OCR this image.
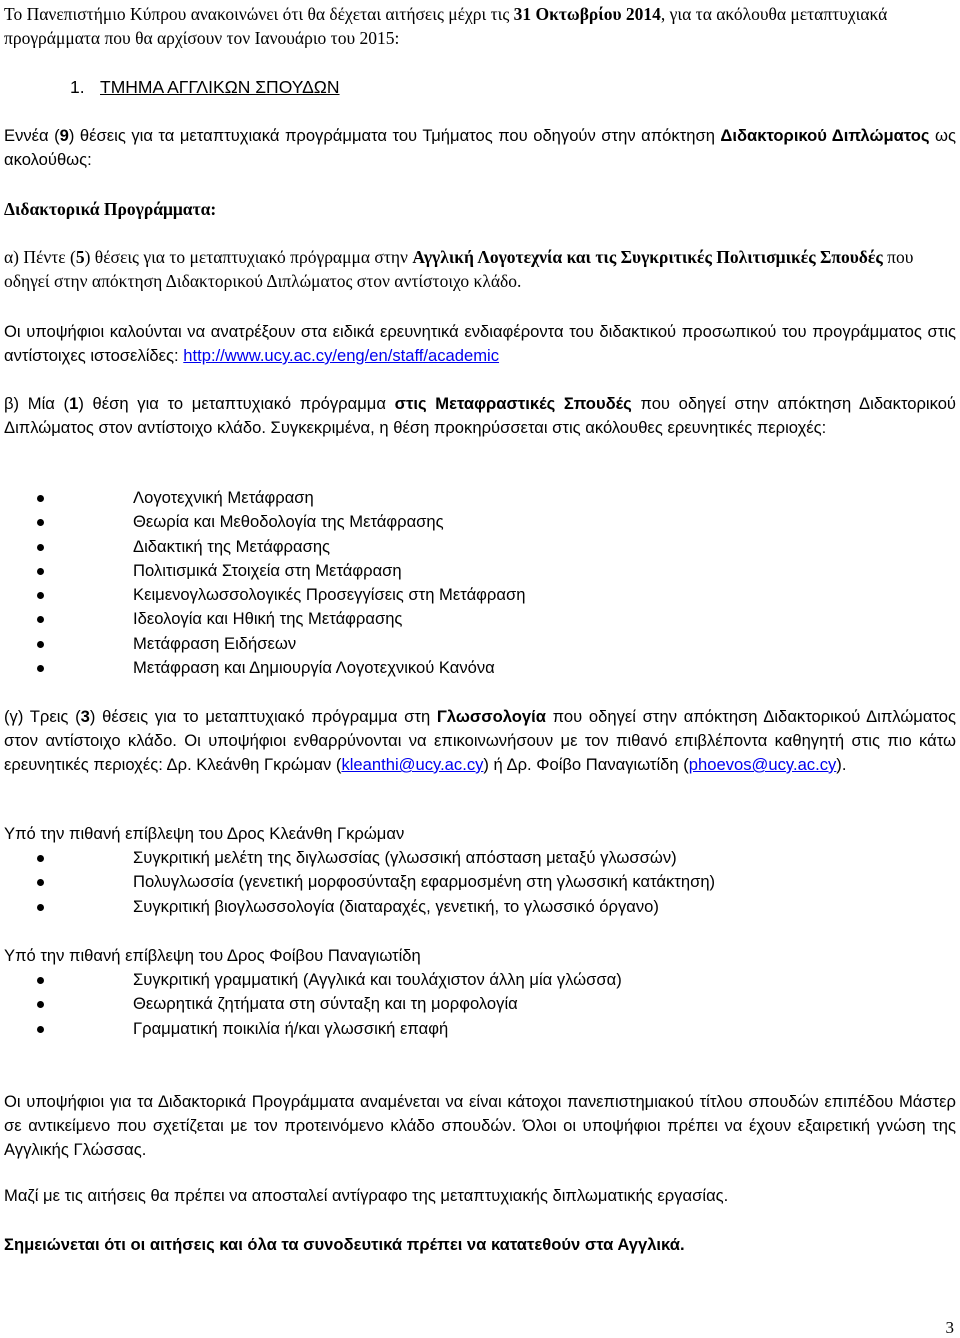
Το Πανεπιστήμιο Κύπρου ανακοινώνει ότι θα δέχεται αιτήσεις μέχρι τις 31 Οκτωβρίου 2014, για τα ακόλουθα μεταπτυχιακά προγράμματα που θα αρχίσουν τον Ιανουάριο του 2015:

1. ΤΜΗΜΑ ΑΓΓΛΙΚΩΝ ΣΠΟΥΔΩΝ

Εννέα (9) θέσεις για τα μεταπτυχιακά προγράμματα του Τμήματος που οδηγούν στην απόκτηση Διδακτορικού Διπλώματος ως ακολούθως:

Διδακτορικά Προγράμματα:

α) Πέντε (5) θέσεις για το μεταπτυχιακό πρόγραμμα στην Αγγλική Λογοτεχνία και τις Συγκριτικές Πολιτισμικές Σπουδές που οδηγεί στην απόκτηση Διδακτορικού Διπλώματος στον αντίστοιχο κλάδο.

Οι υποψήφιοι καλούνται να ανατρέξουν στα ειδικά ερευνητικά ενδιαφέροντα του διδακτικού προσωπικού του προγράμματος στις αντίστοιχες ιστοσελίδες: http://www.ucy.ac.cy/eng/en/staff/academic

β) Μία (1) θέση για το μεταπτυχιακό πρόγραμμα στις Μεταφραστικές Σπουδές που οδηγεί στην απόκτηση Διδακτορικού Διπλώματος στον αντίστοιχο κλάδο. Συγκεκριμένα, η θέση προκηρύσσεται στις ακόλουθες ερευνητικές περιοχές:

Λογοτεχνική Μετάφραση
Θεωρία και Μεθοδολογία της Μετάφρασης
Διδακτική της Μετάφρασης
Πολιτισμικά Στοιχεία στη Μετάφραση
Κειμενογλωσσολογικές Προσεγγίσεις στη Μετάφραση
Ιδεολογία και Ηθική της Μετάφρασης
Μετάφραση Ειδήσεων
Μετάφραση και Δημιουργία Λογοτεχνικού Κανόνα

(γ) Τρεις (3) θέσεις για το μεταπτυχιακό πρόγραμμα στη Γλωσσολογία που οδηγεί στην απόκτηση Διδακτορικού Διπλώματος στον αντίστοιχο κλάδο. Οι υποψήφιοι ενθαρρύνονται να επικοινωνήσουν με τον πιθανό επιβλέποντα καθηγητή στις πιο κάτω ερευνητικές περιοχές: Δρ. Κλεάνθη Γκρώμαν (kleanthi@ucy.ac.cy) ή Δρ. Φοίβο Παναγιωτίδη (phoevos@ucy.ac.cy).

Υπό την πιθανή επίβλεψη του Δρος Κλεάνθη Γκρώμαν

Συγκριτική μελέτη της διγλωσσίας (γλωσσική απόσταση μεταξύ γλωσσών)
Πολυγλωσσία (γενετική μορφοσύνταξη εφαρμοσμένη στη γλωσσική κατάκτηση)
Συγκριτική βιογλωσσολογία (διαταραχές, γενετική, το γλωσσικό όργανο)

Υπό την πιθανή επίβλεψη του Δρος Φοίβου Παναγιωτίδη

Συγκριτική γραμματική (Αγγλικά και τουλάχιστον άλλη μία γλώσσα)
Θεωρητικά ζητήματα στη σύνταξη και τη μορφολογία
Γραμματική ποικιλία ή/και γλωσσική επαφή

Οι υποψήφιοι για τα Διδακτορικά Προγράμματα αναμένεται να είναι κάτοχοι πανεπιστημιακού τίτλου σπουδών επιπέδου Μάστερ σε αντικείμενο που σχετίζεται με τον προτεινόμενο κλάδο σπουδών. Όλοι οι υποψήφιοι πρέπει να έχουν εξαιρετική γνώση της Αγγλικής Γλώσσας.

Μαζί με τις αιτήσεις θα πρέπει να αποσταλεί αντίγραφο της μεταπτυχιακής διπλωματικής εργασίας.

Σημειώνεται ότι οι αιτήσεις και όλα τα συνοδευτικά πρέπει να κατατεθούν στα Αγγλικά.

3
